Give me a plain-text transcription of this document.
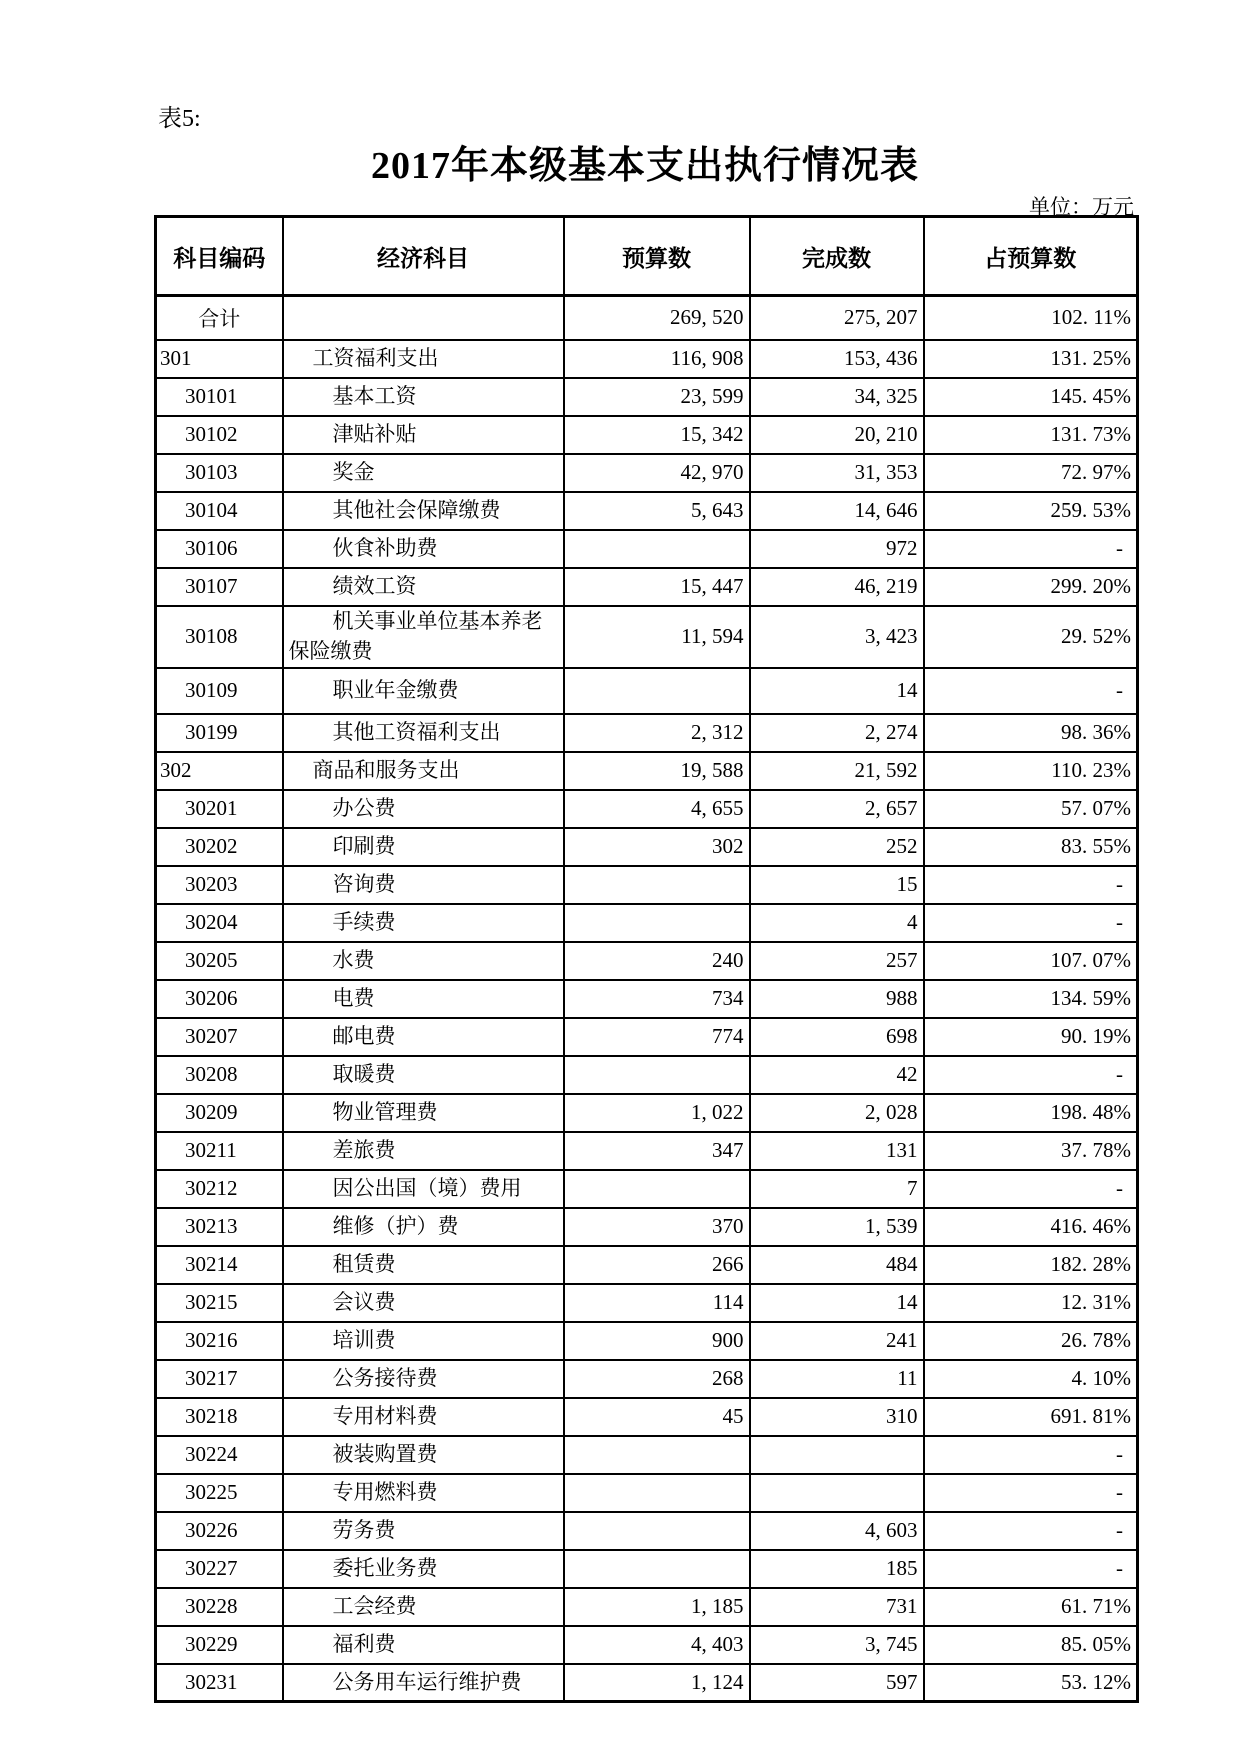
表5:
2017年本级基本支出执行情况表
单位：万元
科目编码	经济科目	预算数	完成数	占预算数
合计		269, 520	275, 207	102. 11%
301	工资福利支出	116, 908	153, 436	131. 25%
30101	基本工资	23, 599	34, 325	145. 45%
30102	津贴补贴	15, 342	20, 210	131. 73%
30103	奖金	42, 970	31, 353	72. 97%
30104	其他社会保障缴费	5, 643	14, 646	259. 53%
30106	伙食补助费		972	-
30107	绩效工资	15, 447	46, 219	299. 20%
30108	机关事业单位基本养老保险缴费	11, 594	3, 423	29. 52%
30109	职业年金缴费		14	-
30199	其他工资福利支出	2, 312	2, 274	98. 36%
302	商品和服务支出	19, 588	21, 592	110. 23%
30201	办公费	4, 655	2, 657	57. 07%
30202	印刷费	302	252	83. 55%
30203	咨询费		15	-
30204	手续费		4	-
30205	水费	240	257	107. 07%
30206	电费	734	988	134. 59%
30207	邮电费	774	698	90. 19%
30208	取暖费		42	-
30209	物业管理费	1, 022	2, 028	198. 48%
30211	差旅费	347	131	37. 78%
30212	因公出国（境）费用		7	-
30213	维修（护）费	370	1, 539	416. 46%
30214	租赁费	266	484	182. 28%
30215	会议费	114	14	12. 31%
30216	培训费	900	241	26. 78%
30217	公务接待费	268	11	4. 10%
30218	专用材料费	45	310	691. 81%
30224	被装购置费			-
30225	专用燃料费			-
30226	劳务费		4, 603	-
30227	委托业务费		185	-
30228	工会经费	1, 185	731	61. 71%
30229	福利费	4, 403	3, 745	85. 05%
30231	公务用车运行维护费	1, 124	597	53. 12%
